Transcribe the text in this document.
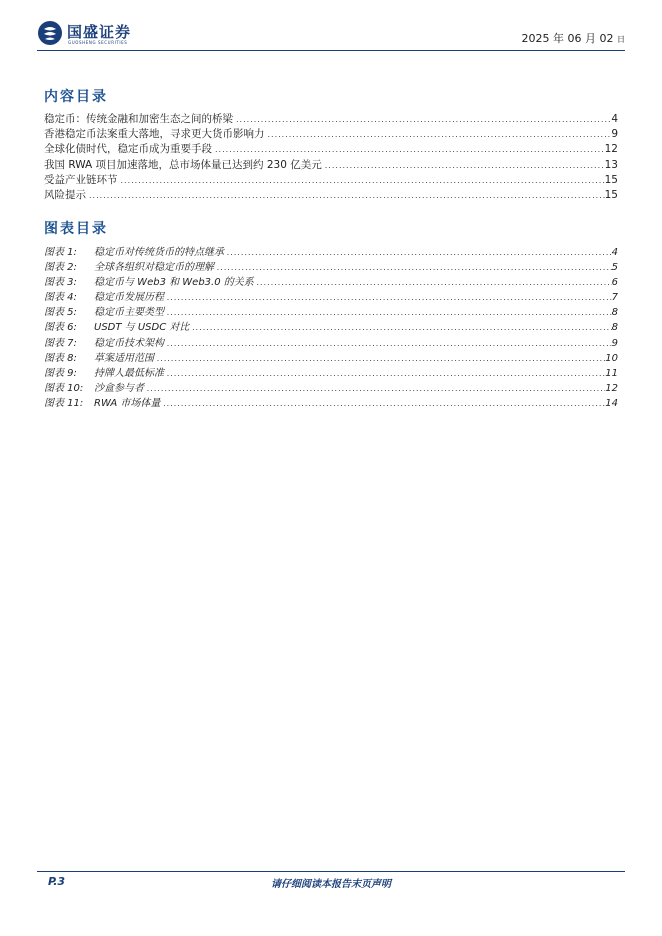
国盛证券
GUOSHENG SECURITIES	2025 年 06 月 02 日
内容目录
稳定币：传统金融和加密生态之间的桥梁 .....	4
香港稳定币法案重大落地，寻求更大货币影响力 .....	9
全球化债时代，稳定币成为重要手段 .....	12
我国 RWA 项目加速落地，总市场体量已达到约 230 亿美元 .....	13
受益产业链环节 .....	15
风险提示 .....	15
图表目录
图表 1: 稳定币对传统货币的特点继承 .....	4
图表 2: 全球各组织对稳定币的理解 .....	5
图表 3: 稳定币与 Web3 和 Web3.0 的关系 .....	6
图表 4: 稳定币发展历程 .....	7
图表 5: 稳定币主要类型 .....	8
图表 6: USDT 与 USDC 对比 .....	8
图表 7: 稳定币技术架构 .....	9
图表 8: 草案适用范围 .....	10
图表 9: 持牌人最低标准 .....	11
图表 10: 沙盒参与者 .....	12
图表 11: RWA 市场体量 .....	14
P.3	请仔细阅读本报告末页声明
